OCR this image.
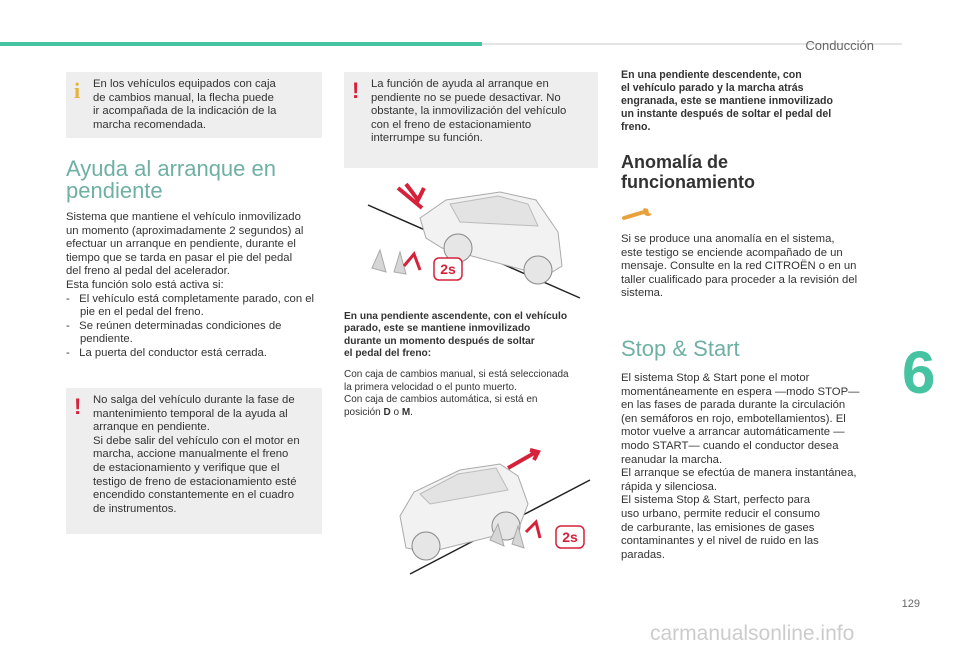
Conducción
i En los vehículos equipados con caja
de cambios manual, la flecha puede
ir acompañada de la indicación de la
marcha recomendada.
Ayuda al arranque en
pendiente
Sistema que mantiene el vehículo inmovilizado
un momento (aproximadamente 2 segundos) al
efectuar un arranque en pendiente, durante el
tiempo que se tarda en pasar el pie del pedal
del freno al pedal del acelerador.
Esta función solo está activa si:
-   El vehículo está completamente parado, con el pie en el pedal del freno.
-   Se reúnen determinadas condiciones de pendiente.
-   La puerta del conductor está cerrada.
! No salga del vehículo durante la fase de
mantenimiento temporal de la ayuda al
arranque en pendiente.
Si debe salir del vehículo con el motor en
marcha, accione manualmente el freno
de estacionamiento y verifique que el
testigo de freno de estacionamiento esté
encendido constantemente en el cuadro
de instrumentos.
! La función de ayuda al arranque en
pendiente no se puede desactivar. No
obstante, la inmovilización del vehículo
con el freno de estacionamiento
interrumpe su función.
2s
En una pendiente ascendente, con el vehículo
parado, este se mantiene inmovilizado
durante un momento después de soltar
el pedal del freno:
Con caja de cambios manual, si está seleccionada
la primera velocidad o el punto muerto.
Con caja de cambios automática, si está en
posición D o M.
2s
En una pendiente descendente, con
el vehículo parado y la marcha atrás
engranada, este se mantiene inmovilizado
un instante después de soltar el pedal del
freno.
Anomalía de
funcionamiento
Si se produce una anomalía en el sistema,
este testigo se enciende acompañado de un
mensaje. Consulte en la red CITROËN o en un
taller cualificado para proceder a la revisión del
sistema.
Stop & Start
El sistema Stop & Start pone el motor
momentáneamente en espera —modo STOP—
en las fases de parada durante la circulación
(en semáforos en rojo, embotellamientos). El
motor vuelve a arrancar automáticamente —
modo START— cuando el conductor desea
reanudar la marcha.
El arranque se efectúa de manera instantánea,
rápida y silenciosa.
El sistema Stop & Start, perfecto para
uso urbano, permite reducir el consumo
de carburante, las emisiones de gases
contaminantes y el nivel de ruido en las
paradas.
6
129
carmanualsonline.info
